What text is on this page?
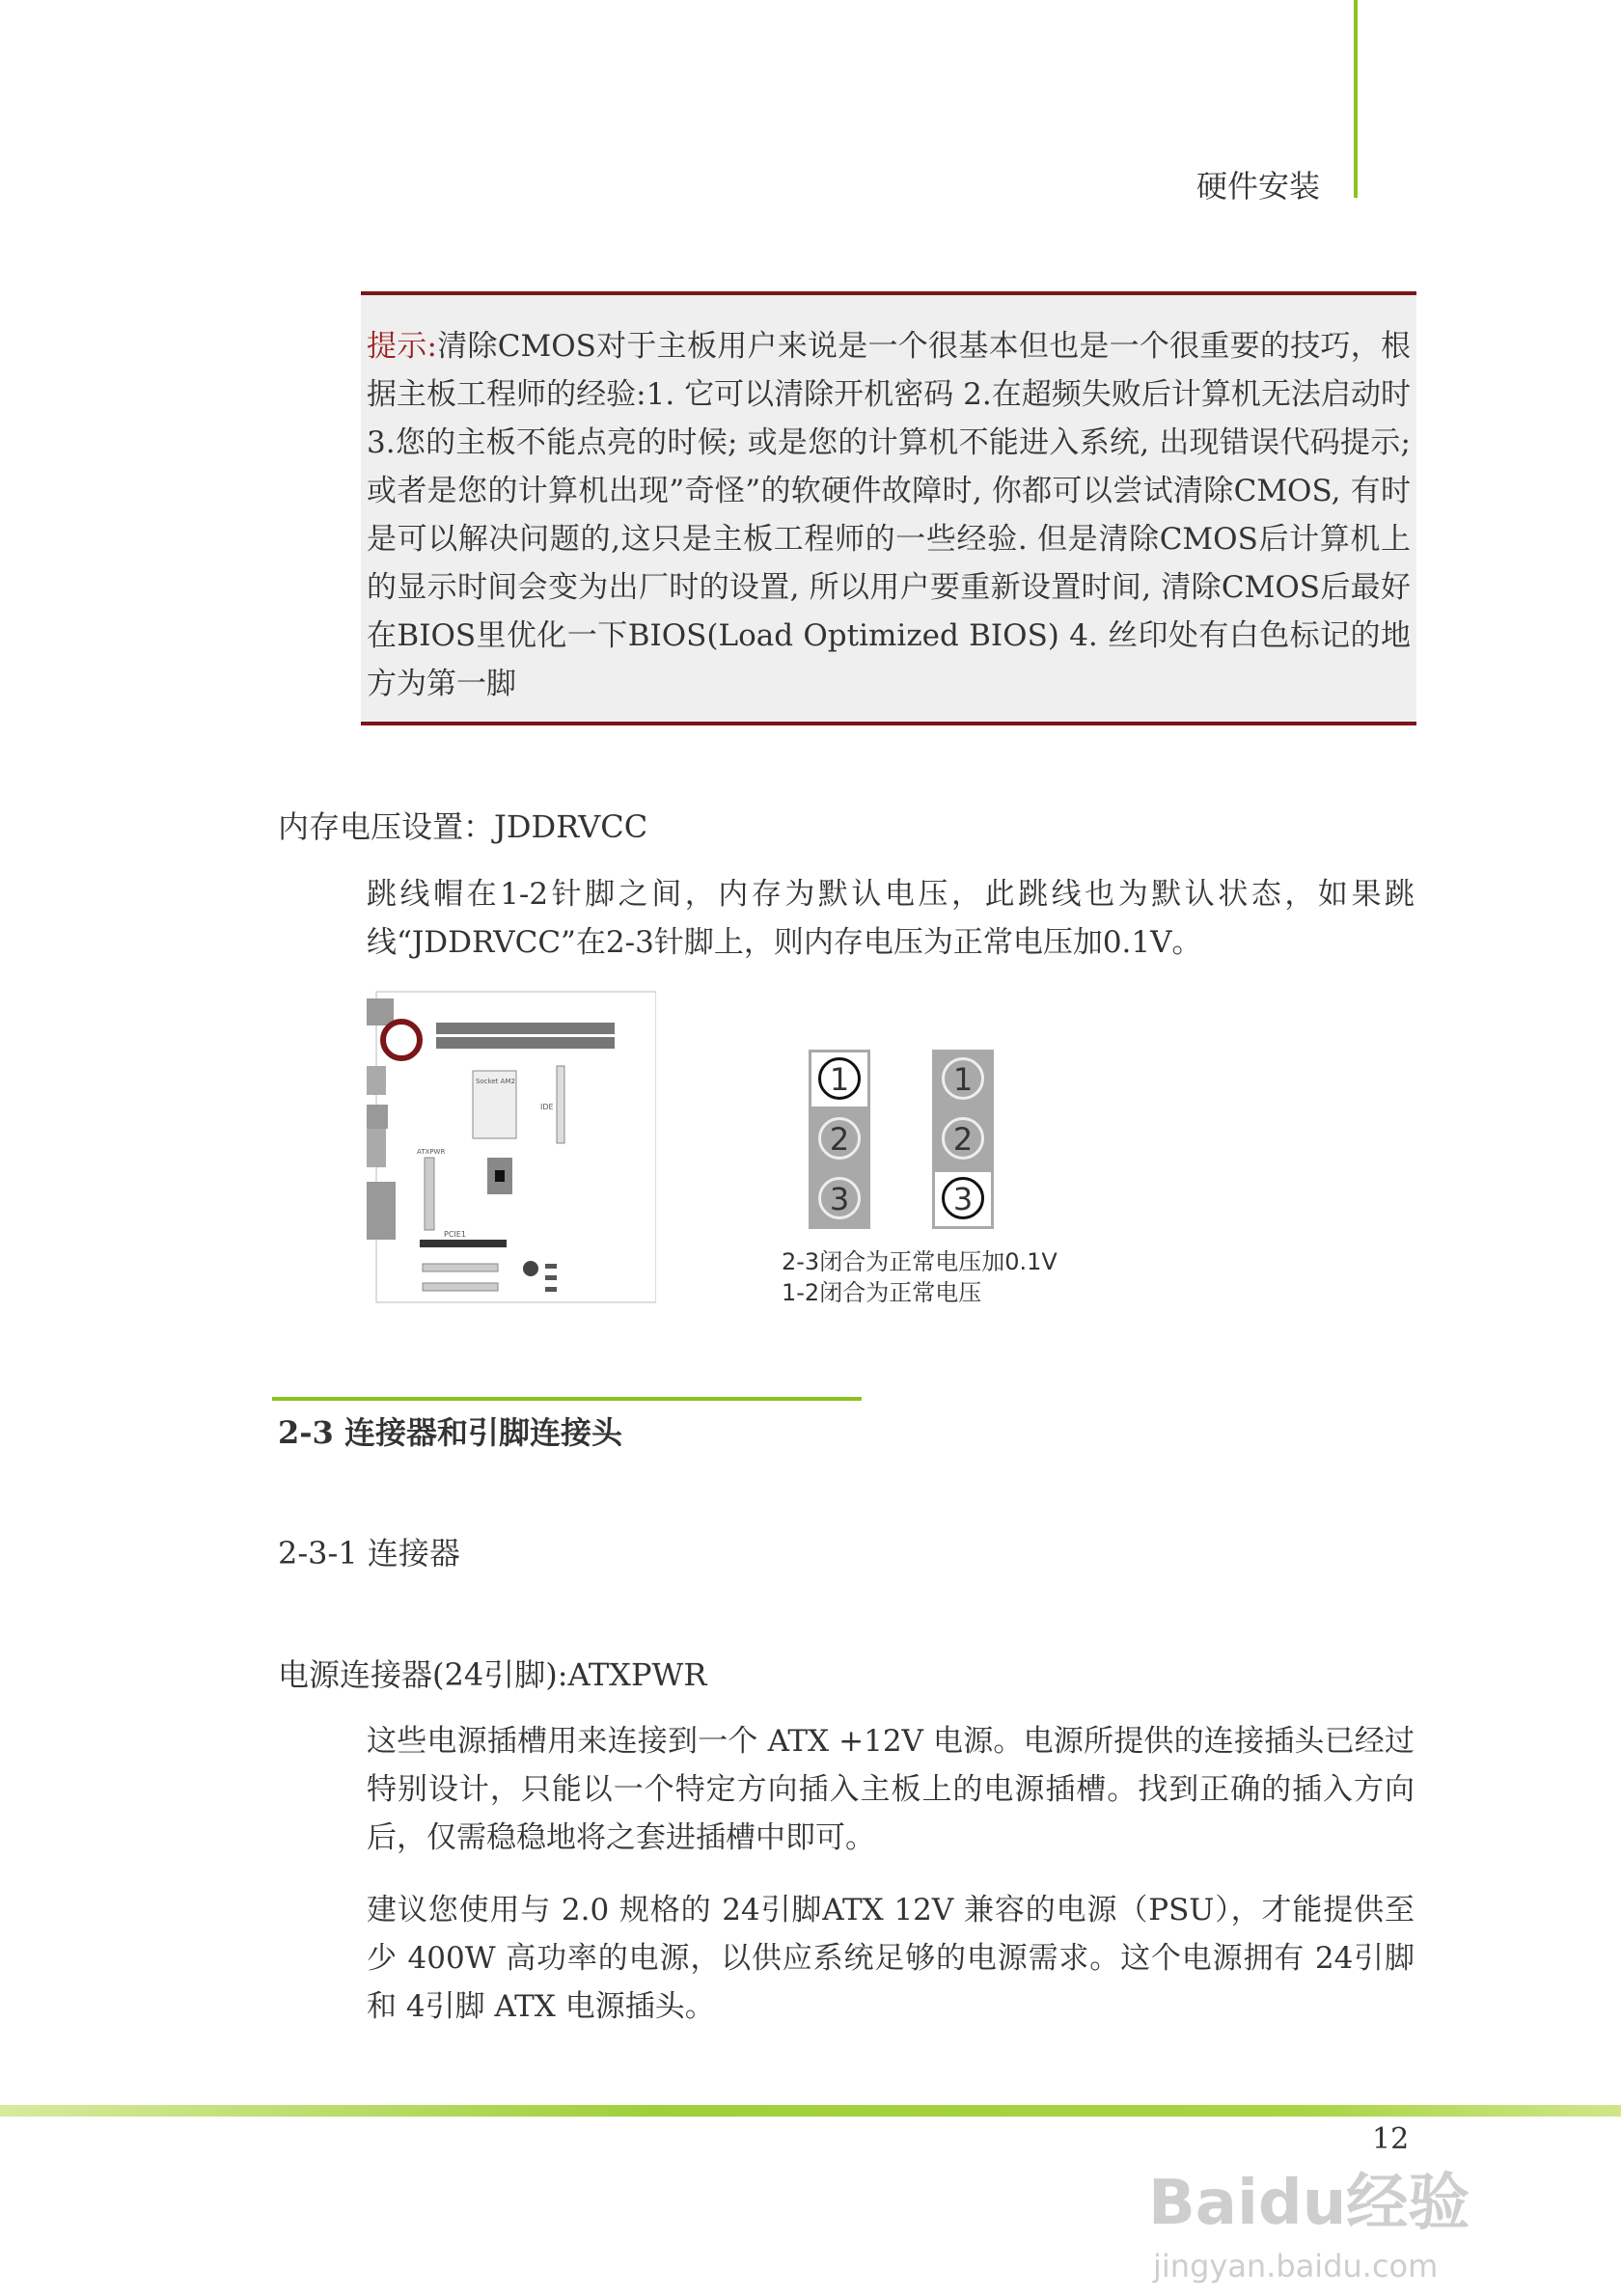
硬件安装
提示:清除CMOS对于主板用户来说是一个很基本但也是一个很重要的技巧，根据主板工程师的经验:1. 它可以清除开机密码 2.在超频失败后计算机无法启动时 3.您的主板不能点亮的时候; 或是您的计算机不能进入系统, 出现错误代码提示; 或者是您的计算机出现”奇怪”的软硬件故障时, 你都可以尝试清除CMOS, 有时是可以解决问题的,这只是主板工程师的一些经验. 但是清除CMOS后计算机上的显示时间会变为出厂时的设置, 所以用户要重新设置时间, 清除CMOS后最好在BIOS里优化一下BIOS(Load Optimized BIOS) 4. 丝印处有白色标记的地方为第一脚
内存电压设置：JDDRVCC
跳线帽在1-2针脚之间，内存为默认电压，此跳线也为默认状态，如果跳线“JDDRVCC”在2-3针脚上，则内存电压为正常电压加0.1V。
Socket AM2
IDE
ATXPWR
PCIE1
1
2
3
1
2
3
2-3闭合为正常电压加0.1V
1-2闭合为正常电压
2-3 连接器和引脚连接头
2-3-1 连接器
电源连接器(24引脚):ATXPWR
这些电源插槽用来连接到一个 ATX +12V 电源。电源所提供的连接插头已经过特别设计，只能以一个特定方向插入主板上的电源插槽。找到正确的插入方向后，仅需稳稳地将之套进插槽中即可。
建议您使用与 2.0 规格的 24引脚ATX 12V 兼容的电源（PSU），才能提供至少 400W 高功率的电源，以供应系统足够的电源需求。这个电源拥有 24引脚 和 4引脚 ATX 电源插头。
12
Baidu经验
jingyan.baidu.com
